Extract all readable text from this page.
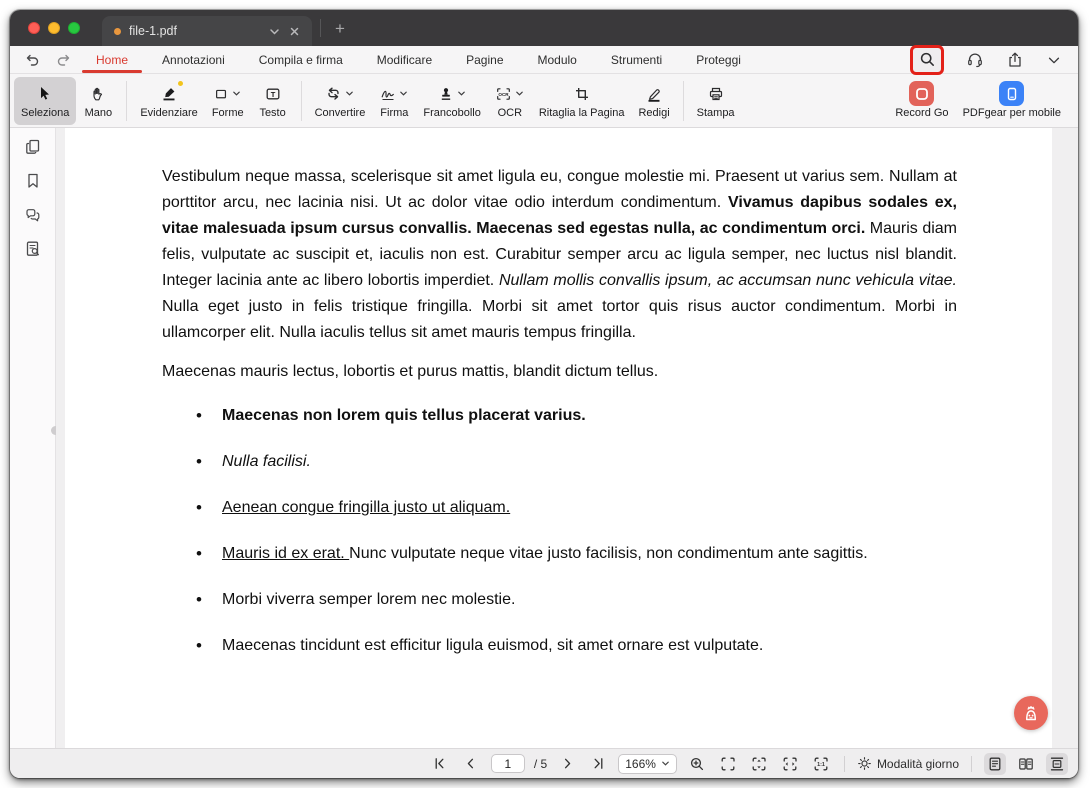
file-1.pdf	+
Home	Annotazioni	Compila e firma	Modificare	Pagine	Modulo	Strumenti	Proteggi
Seleziona Mano	Evidenziare Forme
T
Testo	Convertire Firma Francobollo
OCR
OCR Ritaglia la Pagina Redigi Stampa	Record Go PDFgear per mobile

Vestibulum neque massa, scelerisque sit amet ligula eu, congue molestie mi. Praesent ut varius sem. Nullam at porttitor arcu, nec lacinia nisi. Ut ac dolor vitae odio interdum condimentum. Vivamus dapibus sodales ex, vitae malesuada ipsum cursus convallis. Maecenas sed egestas nulla, ac condimentum orci. Mauris diam felis, vulputate ac suscipit et, iaculis non est. Curabitur semper arcu ac ligula semper, nec luctus nisl blandit. Integer lacinia ante ac libero lobortis imperdiet. Nullam mollis convallis ipsum, ac accumsan nunc vehicula vitae. Nulla eget justo in felis tristique fringilla. Morbi sit amet tortor quis risus auctor condimentum. Morbi in ullamcorper elit. Nulla iaculis tellus sit amet mauris tempus fringilla.

Maecenas mauris lectus, lobortis et purus mattis, blandit dictum tellus.

• Maecenas non lorem quis tellus placerat varius.
• Nulla facilisi.
• Aenean congue fringilla justo ut aliquam.
• Mauris id ex erat. Nunc vulputate neque vitae justo facilisis, non condimentum ante sagittis.
• Morbi viverra semper lorem nec molestie.
• Maecenas tincidunt est efficitur ligula euismod, sit amet ornare est vulputate.
1
/ 5	166%	1:1	Modalità giorno
